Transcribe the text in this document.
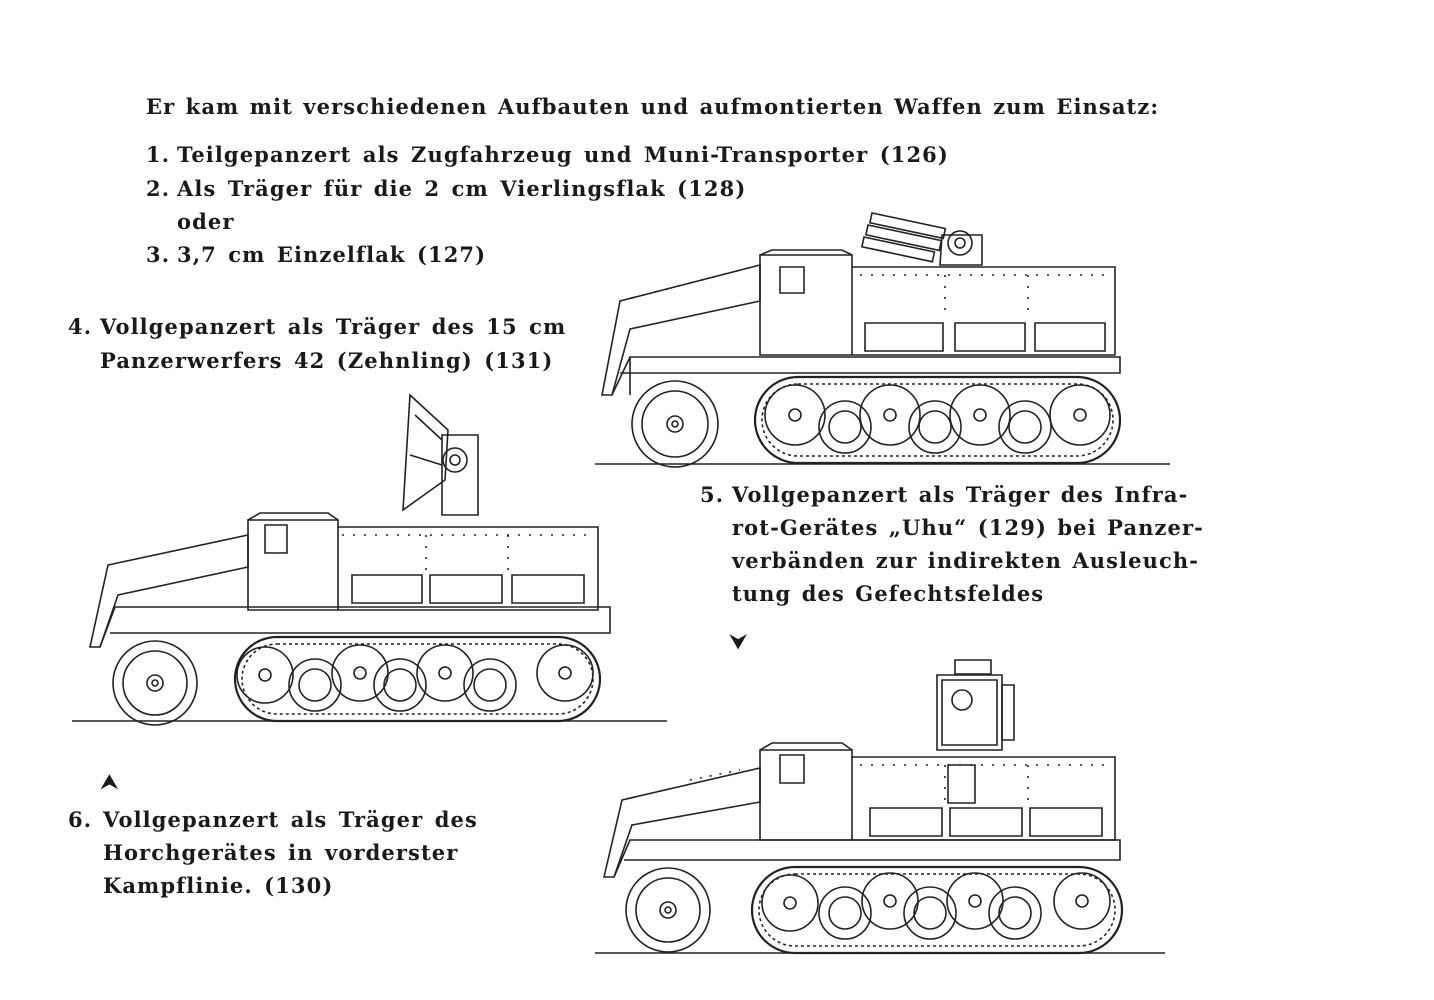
Er kam mit verschiedenen Aufbauten und aufmontierten Waffen zum Einsatz:
1. Teilgepanzert als Zugfahrzeug und Muni-Transporter (126)
2. Als Träger für die 2 cm Vierlingsflak (128)
oder
3. 3,7 cm Einzelflak (127)
4. Vollgepanzert als Träger des 15 cm
Panzerwerfers 42 (Zehnling) (131)
5. Vollgepanzert als Träger des Infra-
rot-Gerätes „Uhu“ (129) bei Panzer-
verbänden zur indirekten Ausleuch-
tung des Gefechtsfeldes
6. Vollgepanzert als Träger des
Horchgerätes in vorderster
Kampflinie. (130)
⮟
⮝
